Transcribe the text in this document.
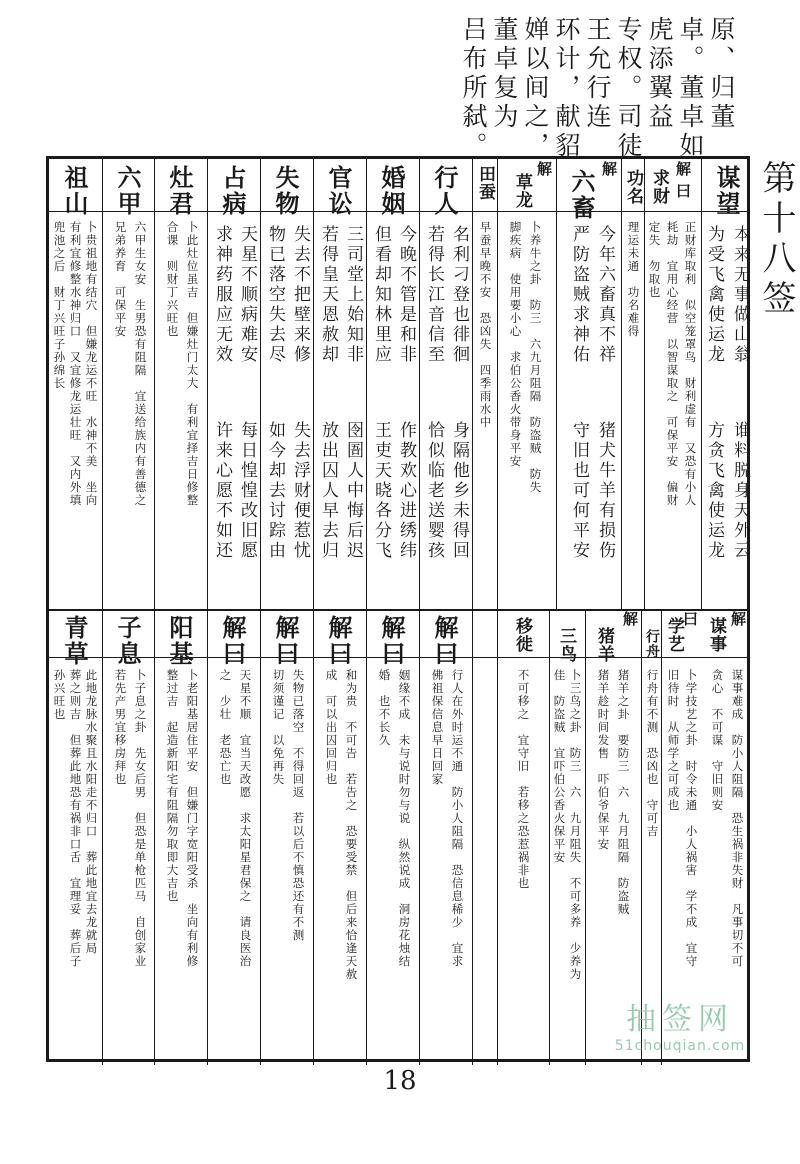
原、归董
卓。董卓如
虎添翼益
专权。司徒
王允行连
环计，献貂
婵以间之，
董卓复为
吕布所弑。
第十八签
谋望
本来无事做山翁
为受飞禽使运龙
谁料脱身天外云
方贪飞禽使运龙
解
曰
求财
正财库取利　似空笼罩鸟　财利虚有　又恐有小人
耗劫　宜用心经营　以智谋取之　可保平安　偏财
定失　勿取也
功名
理运未通　功名难得
解
六畜
今年六畜真不祥
严防盗贼求神佑
猪犬牛羊有损伤
守旧也可何平安
解
草龙
卜养牛之卦　防三　六九月阻隔　防盗贼　防失
脚疾病　使用要小心　求伯公香火带身平安
田蚕
早蚕早晚不安　恐凶失　四季雨水中
行人
名利刁登也徘徊
若得长江音信至
身隔他乡未得回
恰似临老送婴孩
婚姻
今晚不管是和非
但看却知林里应
作教欢心进绣纬
王吏天晓各分飞
官讼
三司堂上始知非
若得皇天恩赦却
囹圄人中悔后迟
放出囚人早去归
失物
失去不把壁来修
物已落空失去尽
失去浮财便惹忧
如今却去讨踪由
占病
天星不顺病难安
求神药服应无效
每日惶惶改旧愿
许来心愿不如还
灶君
卜此灶位虽吉　但嫌灶门太大　有利宜择吉日修整
合课　则财丁兴旺也
六甲
六甲生女安　生男恐有阻隔　宜送给族内有善德之
兄弟养育　可保平安
祖山
卜贵祖地有结穴　但嫌龙运不旺　水神不美　坐向
有利宜修整水神归口　又宜修龙运壮旺　又内外填
兜池之后　财丁兴旺子孙绵长
解
谋事
谋事难成　防小人阻隔　恐生祸非失财　凡事切不可
贪心　不可谋　守旧则安
曰
学艺
卜学技艺之卦　时令未通　小人祸害　学不成　宜守
旧待时　从师学之可成也
行舟
行舟有不测　恐凶也　守可吉
解
猪羊
猪羊之卦　要防三　六　九月阻隔　防盗贼
猪羊趁时间发售　吓伯爷保平安
三鸟
卜三鸟之卦　防三　六　九月阻失　不可多养　少养为
佳　防盗贼　宜吓伯公香火保平安
移徙
不可移之　宜守旧　若移之恐惹祸非也
解曰
行人在外时运不通　防小人阻隔　恐信息稀少　宜求
佛祖保信息早日回家
解曰
姻缘不成　未与说时勿与说　纵然说成　洞房花烛结
婚　也不长久
解曰
和为贵　不可告　若告之　恐要受禁　但后来恰逢天赦
成　可以出囚回归也
解曰
失物已落空　不得回返　若以后不慎恐还有不测
切须谨记　以免再失
解曰
天星不顺　宜当天改愿　求太阳星君保之　请良医治
之　少壮　老恐亡也
阳基
卜老阳基居住平安　但嫌门字宽阳受杀　坐向有利修
整过吉　起造新阳宅有阻隔勿取即大吉也
子息
卜子息之卦　先女后男　但恐是单枪匹马　自创家业
若先产男宜移房拜也
青草
此地龙脉水聚且水阳走不归口　葬此地宜去龙就局
葬之则吉　但葬此地恐有祸非口舌　宜理妥　葬后子
孙兴旺也
18
抽签网
51chouqian.com
